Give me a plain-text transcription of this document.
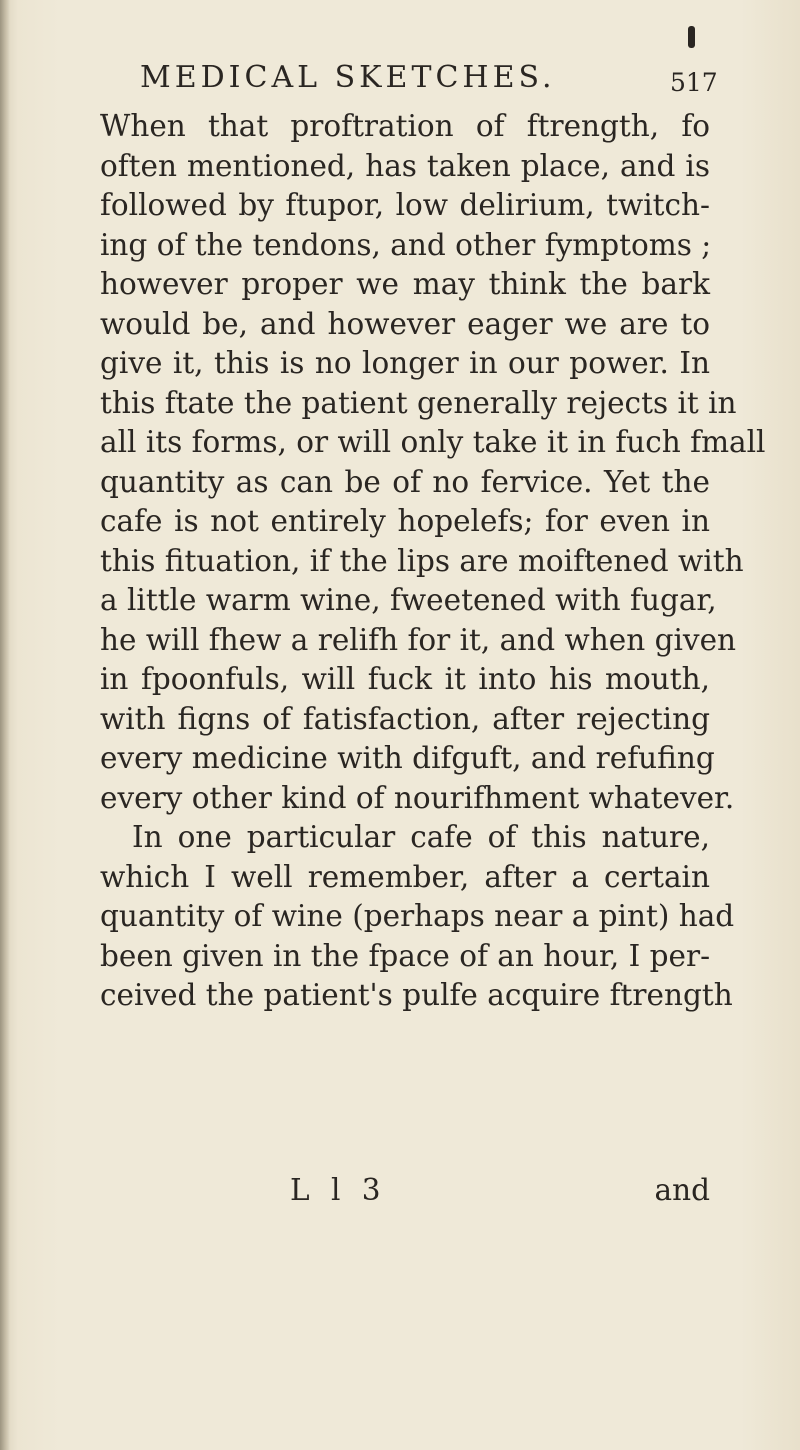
MEDICAL SKETCHES.	517
When that proftration of ftrength, fo
often mentioned, has taken place, and is
followed by ftupor, low delirium, twitch-
ing of the tendons, and other fymptoms ;
however proper we may think the bark
would be, and however eager we are to
give it, this is no longer in our power. In
this ftate the patient generally rejects it in
all its forms, or will only take it in fuch fmall
quantity as can be of no fervice. Yet the
cafe is not entirely hopelefs; for even in
this fituation, if the lips are moiftened with
a little warm wine, fweetened with fugar,
he will fhew a relifh for it, and when given
in fpoonfuls, will fuck it into his mouth,
with figns of fatisfaction, after rejecting
every medicine with difguft, and refufing
every other kind of nourifhment whatever.
In one particular cafe of this nature,
which I well remember, after a certain
quantity of wine (perhaps near a pint) had
been given in the fpace of an hour, I per-
ceived the patient's pulfe acquire ftrength
L l 3	and
